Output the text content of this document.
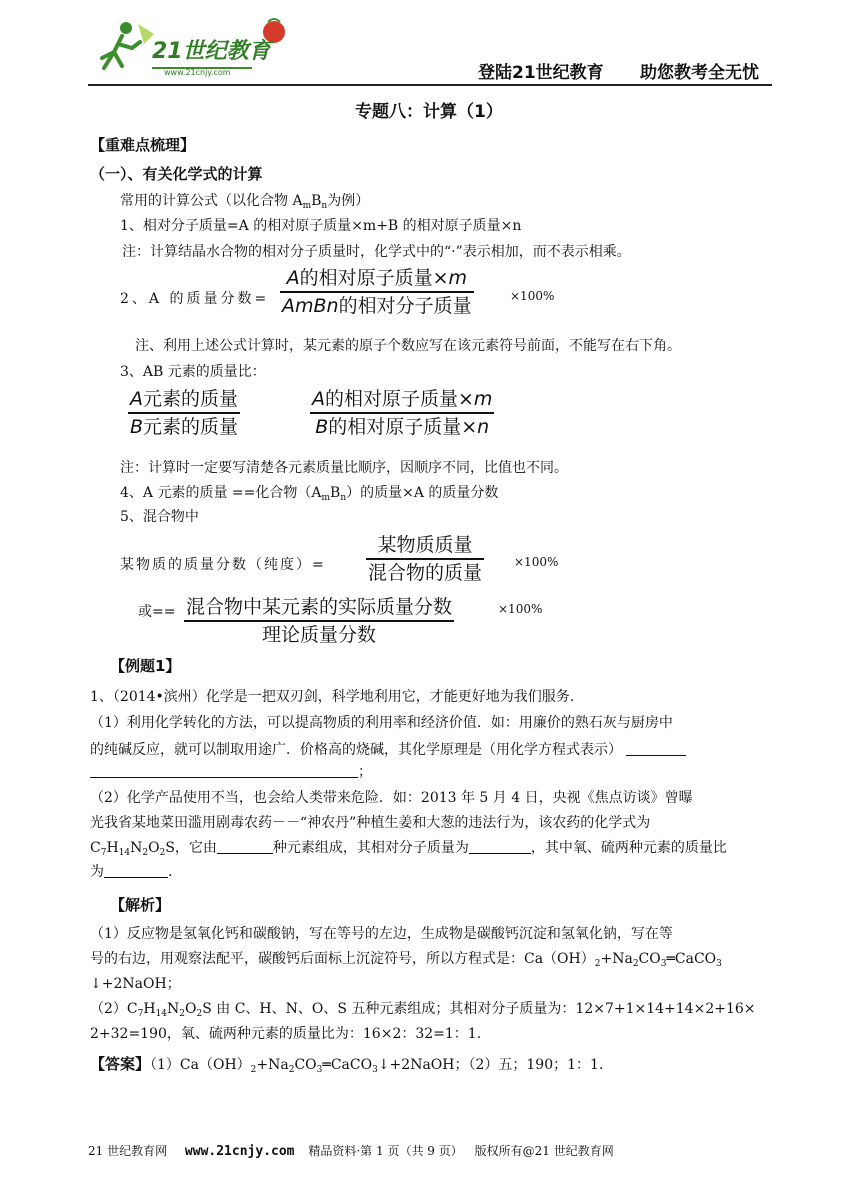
21世纪教育
www.21cnjy.com	登陆21世纪教育 助您教考全无忧
专题八：计算（1）
【重难点梳理】
（一）、有关化学式的计算
常用的计算公式（以化合物 $A_mB_n$为例）
1、相对分子质量=A 的相对原子质量×m+B 的相对原子质量×n
注：计算结晶水合物的相对分子质量时，化学式中的“·”表示相加，而不表示相乘。
2、A 的质量分数=
A的相对原子质量×m
AmBn的相对分子质量	×100%
注、利用上述公式计算时，某元素的原子个数应写在该元素符号前面，不能写在右下角。
3、AB 元素的质量比：
A元素的质量
B元素的质量
A的相对原子质量×m
B的相对原子质量×n
注：计算时一定要写清楚各元素质量比顺序，因顺序不同，比值也不同。
4、A 元素的质量 ==化合物$(A_mB_n)$的质量×A 的质量分数
5、混合物中
某物质的质量分数（纯度）=
某物质质量
混合物的质量	×100%
或== 混合物中某元素的实际质量分数
理论质量分数
×100%
【例题1】
1、（2014•滨州）化学是一把双刃剑，科学地利用它，才能更好地为我们服务.
（1）利用化学转化的方法，可以提高物质的利用率和经济价值．如：用廉价的熟石灰与厨房中
的纯碱反应，就可以制取用途广．价格高的烧碱，其化学原理是（用化学方程式表示）
；
（2）化学产品使用不当，也会给人类带来危险．如：2013 年 5 月 4 日，央视《焦点访谈》曾曝
光我省某地菜田滥用剧毒农药－－“神农丹”种植生姜和大葱的违法行为，该农药的化学式为
$C_7H_{14}N_2O_2S$，它由	种元素组成，其相对分子质量为	，其中氧、硫两种元素的质量比
为	.
【解析】
（1）反应物是氢氧化钙和碳酸钠，写在等号的左边，生成物是碳酸钙沉淀和氢氧化钠，写在等
号的右边，用观察法配平，碳酸钙后面标上沉淀符号，所以方程式是：$Ca(OH)_2+Na_2CO_3═CaCO_3$
↓+2NaOH；
$(2)C_7H_{14}N_2O_2S$ 由 C、H、N、O、S 五种元素组成；其相对分子质量为：12×7+1×14+14×2+16×
2+32=190，氧、硫两种元素的质量比为：16×2：32=1：1.
【答案】$(1)Ca(OH)_2+Na_2CO_3═CaCO_3↓+2NaOH$；（2）五；190；1：1.
21 世纪教育网 www.21cnjy.com 精品资料·第 1 页（共 9 页） 版权所有@21 世纪教育网
